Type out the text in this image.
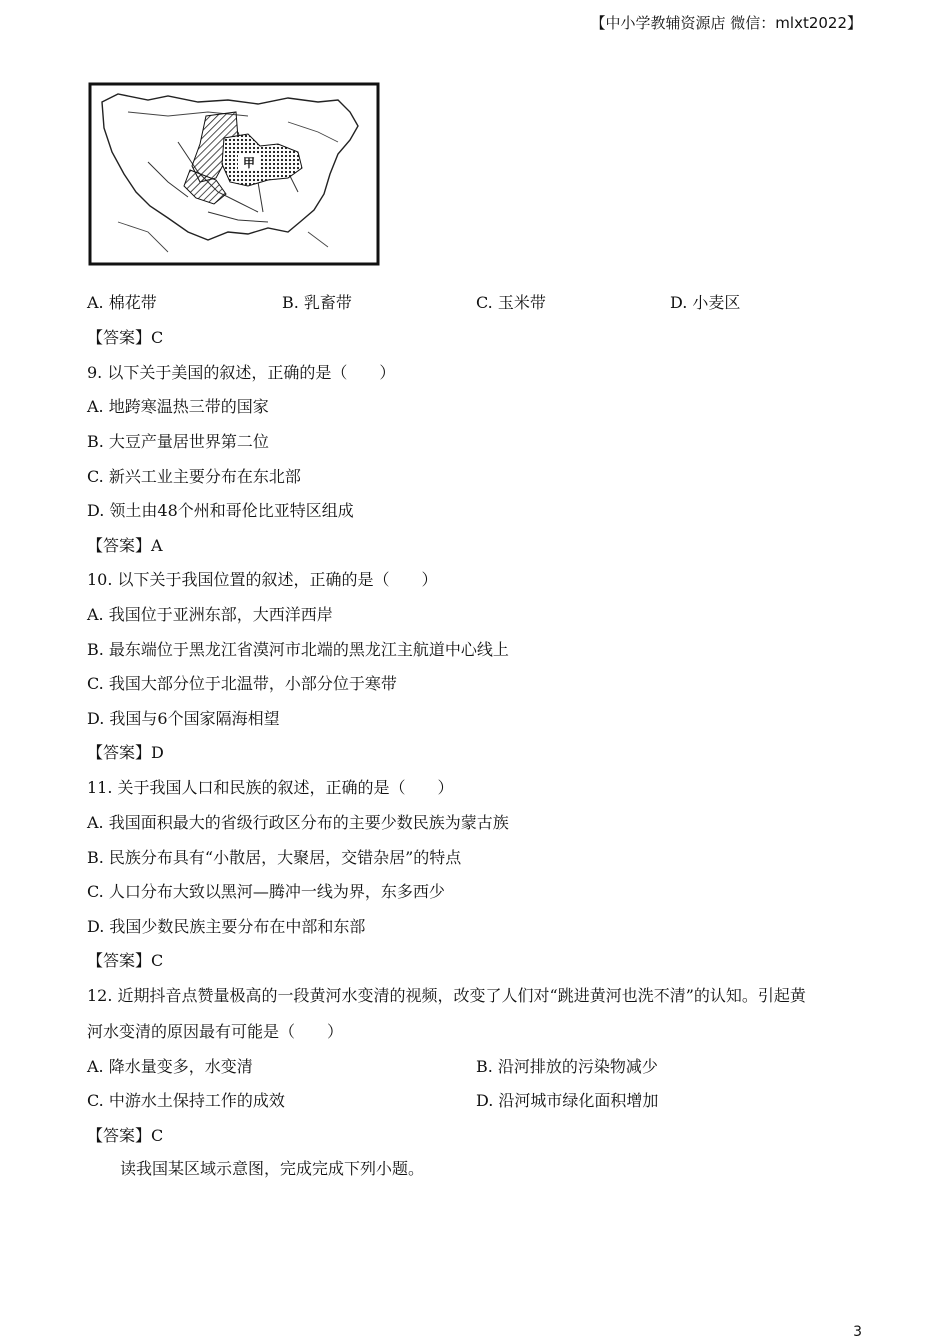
【中小学教辅资源店 微信：mlxt2022】
甲
A. 棉花带	B. 乳畜带	C. 玉米带	D. 小麦区
【答案】C
9. 以下关于美国的叙述，正确的是（　　）
A. 地跨寒温热三带的国家
B. 大豆产量居世界第二位
C. 新兴工业主要分布在东北部
D. 领土由48个州和哥伦比亚特区组成
【答案】A
10. 以下关于我国位置的叙述，正确的是（　　）
A. 我国位于亚洲东部，大西洋西岸
B. 最东端位于黑龙江省漠河市北端的黑龙江主航道中心线上
C. 我国大部分位于北温带，小部分位于寒带
D. 我国与6个国家隔海相望
【答案】D
11. 关于我国人口和民族的叙述，正确的是（　　）
A. 我国面积最大的省级行政区分布的主要少数民族为蒙古族
B. 民族分布具有“小散居，大聚居，交错杂居”的特点
C. 人口分布大致以黑河—腾冲一线为界，东多西少
D. 我国少数民族主要分布在中部和东部
【答案】C
12. 近期抖音点赞量极高的一段黄河水变清的视频，改变了人们对“跳进黄河也洗不清”的认知。引起黄
河水变清的原因最有可能是（　　）
A. 降水量变多，水变清	B. 沿河排放的污染物减少
C. 中游水土保持工作的成效	D. 沿河城市绿化面积增加
【答案】C
读我国某区域示意图，完成完成下列小题。
3
